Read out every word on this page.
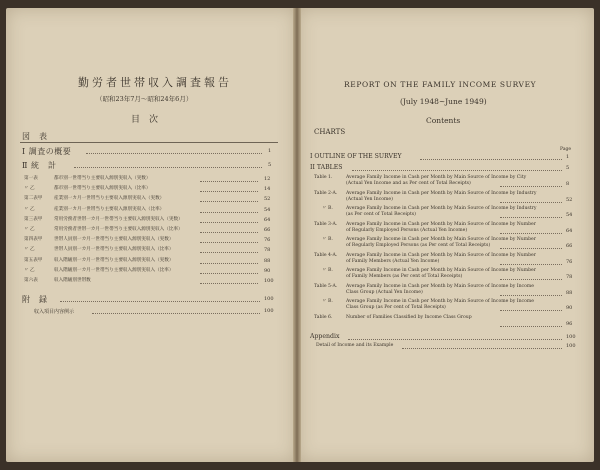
勤労者世帯収入調査報告
（昭和23年7月～昭和24年6月）
目　次
図　表
Ⅰ 調査の概要	1
Ⅱ 統　計	5
第一表	都市別一世帯当り主要収入源別実収入（実数）	12
〃 乙	都市別一世帯当り主要収入源別実収入（比率）	14
第二表甲	産業別一カ月一世帯当り主要収入源別実収入（実数）	52
〃 乙	産業別一カ月一世帯当り主要収入源別実収入（比率）	54
第三表甲	常用労務者世帯一カ月一世帯当り主要収入源別実収入（実数）	64
〃 乙	常用労務者世帯一カ月一世帯当り主要収入源別実収入（比率）	66
第四表甲	世帯人員別一カ月一世帯当り主要収入源別実収入（実数）	76
〃 乙	世帯人員別一カ月一世帯当り主要収入源別実収入（比率）	78
第五表甲	収入階級別一カ月一世帯当り主要収入源別実収入（実数）	88
〃 乙	収入階級別一カ月一世帯当り主要収入源別実収入（比率）	90
第六表	収入階級別世帯数	100
附　録	100
収入項目内容例示	100
REPORT ON THE FAMILY INCOME SURVEY
(July 1948~June 1949)
Contents
CHARTS
Page
I OUTLINE OF THE SURVEY	1
II TABLES	5
Table 1.	Average Family Income in Cash per Month by Main Source of Income by City
(Actual Yen Income and as Per cent of Total Receipts)	8
Table 2-A. Average Family Income in Cash per Month by Main Source of Income by Industry
(Actual Yen Income)	52
〃 B.	Average Family Income in Cash per Month by Main Source of Income by Industry
(as Per cent of Total Receipts)	54
Table 3-A. Average Family Income in Cash per Month by Main Source of Income by Number
of Regularly Employed Persons (Actual Yen Income)	64
〃 B.	Average Family Income in Cash per Month by Main Source of Income by Number
of Regularly Employed Persons (as Per cent of Total Receipts)	66
Table 4-A. Average Family Income in Cash per Month by Main Source of Income by Number
of Family Members (Actual Yen Income)	76
〃 B.	Average Family Income in Cash per Month by Main Source of Income by Number
of Family Members (as Per cent of Total Receipts)	78
Table 5-A. Average Family Income in Cash per Month by Main Source of Income by Income
Class Group (Actual Yen Income)	88
〃 B.	Average Family Income in Cash per Month by Main Source of Income by Income
Class Group (as Per cent of Total Receipts)	90
Table 6.	Number of Families Classified by Income Class Group
96
Appendix	100
Detail of Income and its Example	100
